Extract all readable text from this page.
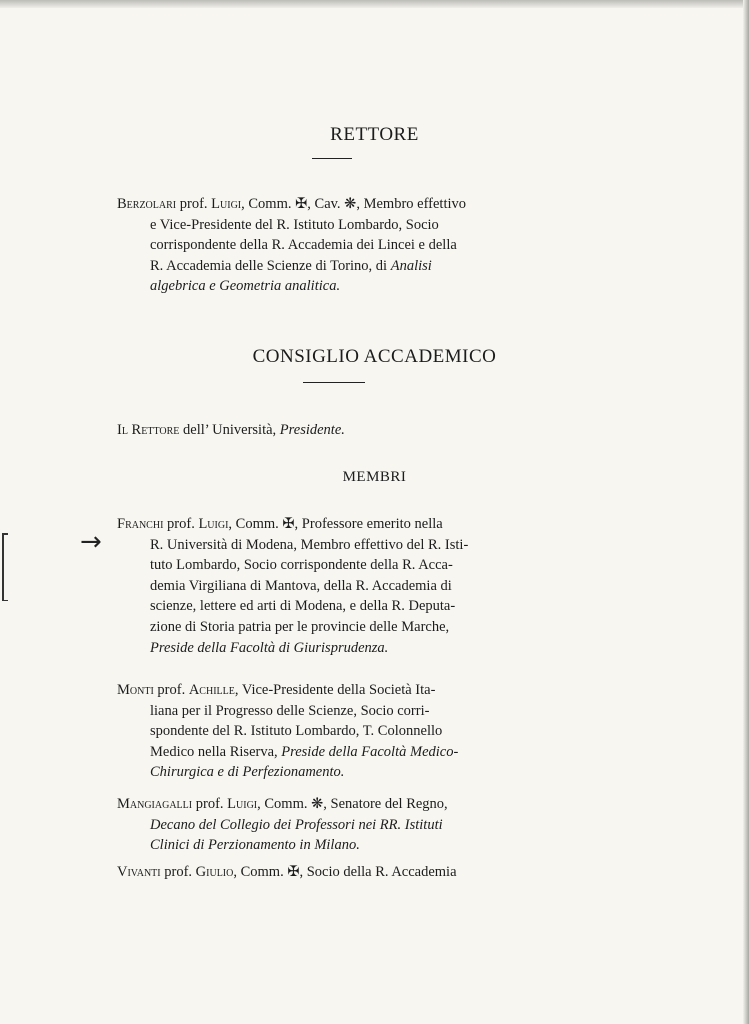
RETTORE
Berzolari prof. Luigi, Comm. ✠, Cav. ❋, Membro effettivo
e Vice-Presidente del R. Istituto Lombardo, Socio
corrispondente della R. Accademia dei Lincei e della
R. Accademia delle Scienze di Torino, di Analisi
algebrica e Geometria analitica.
CONSIGLIO ACCADEMICO
Il Rettore dell’ Università, Presidente.
MEMBRI
→
Franchi prof. Luigi, Comm. ✠, Professore emerito nella
R. Università di Modena, Membro effettivo del R. Isti-
tuto Lombardo, Socio corrispondente della R. Acca-
demia Virgiliana di Mantova, della R. Accademia di
scienze, lettere ed arti di Modena, e della R. Deputa-
zione di Storia patria per le provincie delle Marche,
Preside della Facoltà di Giurisprudenza.
Monti prof. Achille, Vice-Presidente della Società Ita-
liana per il Progresso delle Scienze, Socio corri-
spondente del R. Istituto Lombardo, T. Colonnello
Medico nella Riserva, Preside della Facoltà Medico-
Chirurgica e di Perfezionamento.
Mangiagalli prof. Luigi, Comm. ❋, Senatore del Regno,
Decano del Collegio dei Professori nei RR. Istituti
Clinici di Perzionamento in Milano.
Vivanti prof. Giulio, Comm. ✠, Socio della R. Accademia
